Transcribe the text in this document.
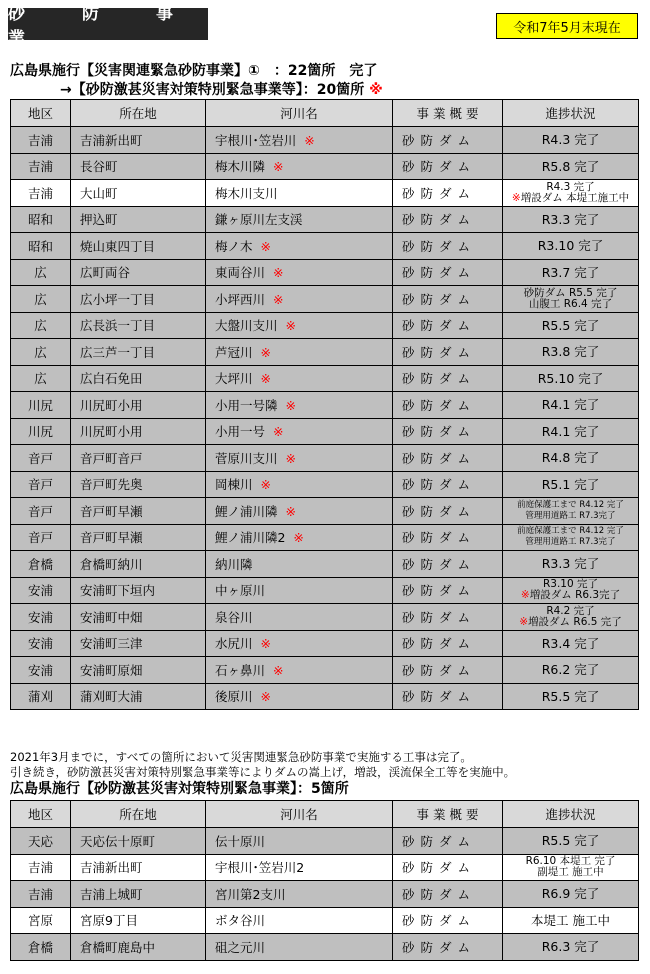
砂　防　事　業
令和7年5月末現在
広島県施行【災害関連緊急砂防事業】①　：22箇所　完了
→【砂防激甚災害対策特別緊急事業等】：20箇所 ※
地区	所在地	河川名	事 業 概 要	進捗状況
吉浦	吉浦新出町	宇根川･笠岩川 ※	砂防ダム	R4.3 完了

吉浦	長谷町	梅木川隣 ※	砂防ダム	R5.8 完了

吉浦	大山町	梅木川支川	砂防ダム	R4.3 完了
※増設ダム 本堤工施工中

昭和	押込町	鎌ヶ原川左支渓	砂防ダム	R3.3 完了

昭和	焼山東四丁目	梅ノ木 ※	砂防ダム	R3.10 完了

広	広町両谷	東両谷川 ※	砂防ダム	R3.7 完了

広	広小坪一丁目	小坪西川 ※	砂防ダム	砂防ダム R5.5 完了
山腹工 R6.4 完了

広	広長浜一丁目	大盤川支川 ※	砂防ダム	R5.5 完了

広	広三芦一丁目	芦冠川 ※	砂防ダム	R3.8 完了

広	広白石免田	大坪川 ※	砂防ダム	R5.10 完了

川尻	川尻町小用	小用一号隣 ※	砂防ダム	R4.1 完了

川尻	川尻町小用	小用一号 ※	砂防ダム	R4.1 完了

音戸	音戸町音戸	菅原川支川 ※	砂防ダム	R4.8 完了

音戸	音戸町先奥	岡棟川 ※	砂防ダム	R5.1 完了

音戸	音戸町早瀬	鯉ノ浦川隣 ※	砂防ダム	前庭保護工まで R4.12 完了
管理用道路工 R7.3完了

音戸	音戸町早瀬	鯉ノ浦川隣2 ※	砂防ダム	前庭保護工まで R4.12 完了
管理用道路工 R7.3完了

倉橋	倉橋町納川	納川隣	砂防ダム	R3.3 完了

安浦	安浦町下垣内	中ヶ原川	砂防ダム	R3.10 完了
※増設ダム R6.3完了

安浦	安浦町中畑	泉谷川	砂防ダム	R4.2 完了
※増設ダム R6.5 完了

安浦	安浦町三津	水尻川 ※	砂防ダム	R3.4 完了

安浦	安浦町原畑	石ヶ鼻川 ※	砂防ダム	R6.2 完了

蒲刈	蒲刈町大浦	後原川 ※	砂防ダム	R5.5 完了
2021年3月までに，すべての箇所において災害関連緊急砂防事業で実施する工事は完了。
引き続き，砂防激甚災害対策特別緊急事業等によりダムの嵩上げ，増設，渓流保全工等を実施中。
広島県施行【砂防激甚災害対策特別緊急事業】：5箇所
地区	所在地	河川名	事 業 概 要	進捗状況
天応	天応伝十原町	伝十原川	砂防ダム	R5.5 完了

吉浦	吉浦新出町	宇根川･笠岩川2	砂防ダム	R6.10 本堤工 完了
副堤工 施工中

吉浦	吉浦上城町	宮川第2支川	砂防ダム	R6.9 完了

宮原	宮原9丁目	ボタ谷川	砂防ダム	本堤工 施工中

倉橋	倉橋町鹿島中	砠之元川	砂防ダム	R6.3 完了
